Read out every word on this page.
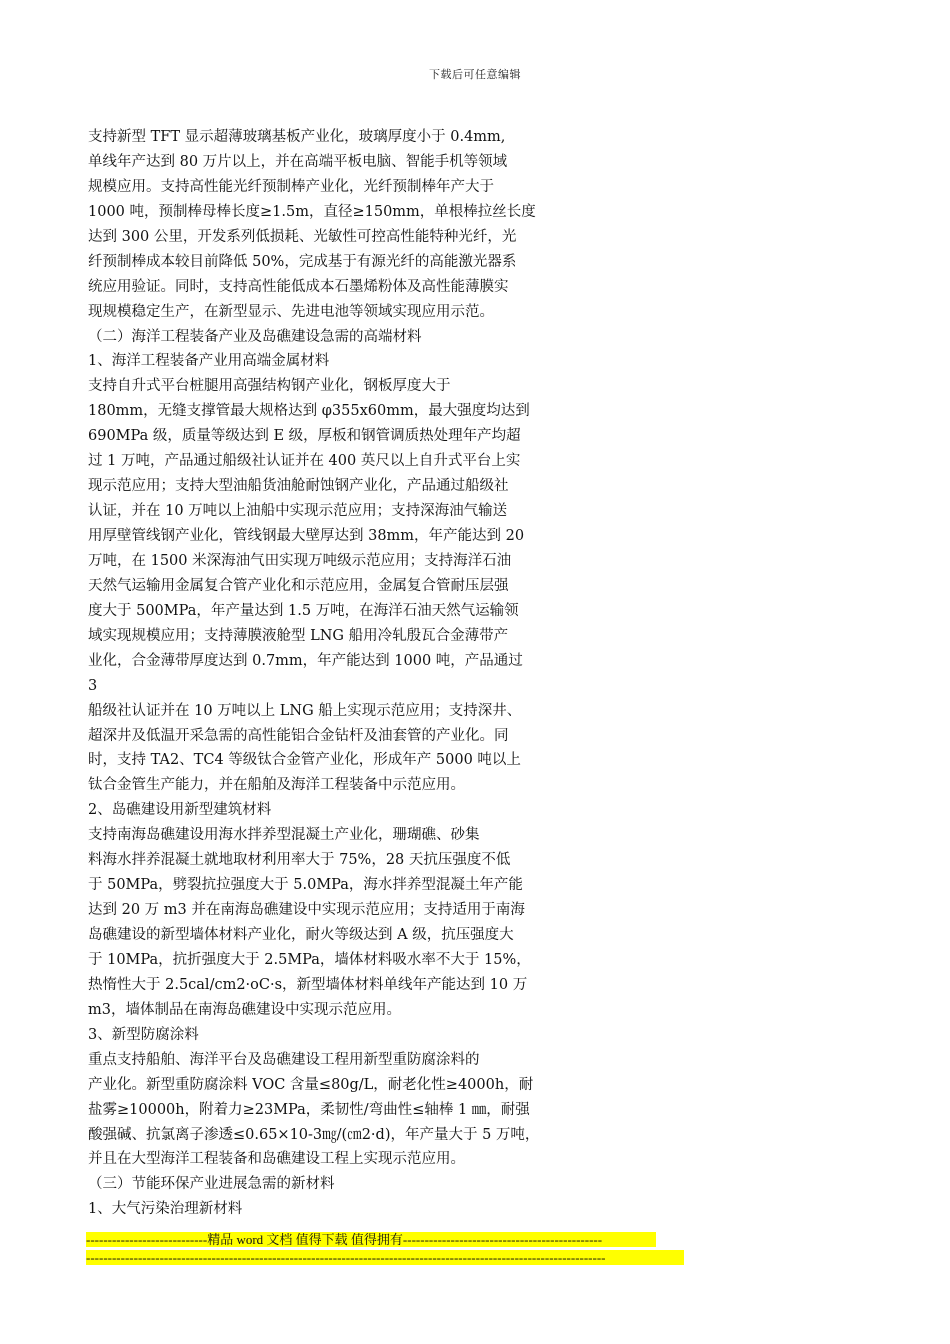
下载后可任意编辑
支持新型 TFT 显示超薄玻璃基板产业化，玻璃厚度小于 0.4mm,
单线年产达到 80 万片以上，并在高端平板电脑、智能手机等领域
规模应用。支持高性能光纤预制棒产业化，光纤预制棒年产大于
1000 吨，预制棒母棒长度≥1.5m，直径≥150mm，单根棒拉丝长度
达到 300 公里，开发系列低损耗、光敏性可控高性能特种光纤，光
纤预制棒成本较目前降低 50%，完成基于有源光纤的高能激光器系
统应用验证。同时，支持高性能低成本石墨烯粉体及高性能薄膜实
现规模稳定生产，在新型显示、先进电池等领域实现应用示范。
（二）海洋工程装备产业及岛礁建设急需的高端材料
1、海洋工程装备产业用高端金属材料
支持自升式平台桩腿用高强结构钢产业化，钢板厚度大于
180mm，无缝支撑管最大规格达到 φ355x60mm，最大强度均达到
690MPa 级，质量等级达到 E 级，厚板和钢管调质热处理年产均超
过 1 万吨，产品通过船级社认证并在 400 英尺以上自升式平台上实
现示范应用；支持大型油船货油舱耐蚀钢产业化，产品通过船级社
认证，并在 10 万吨以上油船中实现示范应用；支持深海油气输送
用厚壁管线钢产业化，管线钢最大壁厚达到 38mm，年产能达到 20
万吨，在 1500 米深海油气田实现万吨级示范应用；支持海洋石油
天然气运输用金属复合管产业化和示范应用，金属复合管耐压层强
度大于 500MPa，年产量达到 1.5 万吨，在海洋石油天然气运输领
域实现规模应用；支持薄膜液舱型 LNG 船用冷轧殷瓦合金薄带产
业化，合金薄带厚度达到 0.7mm，年产能达到 1000 吨，产品通过
3
船级社认证并在 10 万吨以上 LNG 船上实现示范应用；支持深井、
超深井及低温开采急需的高性能铝合金钻杆及油套管的产业化。同
时，支持 TA2、TC4 等级钛合金管产业化，形成年产 5000 吨以上
钛合金管生产能力，并在船舶及海洋工程装备中示范应用。
2、岛礁建设用新型建筑材料
支持南海岛礁建设用海水拌养型混凝土产业化，珊瑚礁、砂集
料海水拌养混凝土就地取材利用率大于 75%，28 天抗压强度不低
于 50MPa，劈裂抗拉强度大于 5.0MPa，海水拌养型混凝土年产能
达到 20 万 m3 并在南海岛礁建设中实现示范应用；支持适用于南海
岛礁建设的新型墙体材料产业化，耐火等级达到 A 级，抗压强度大
于 10MPa，抗折强度大于 2.5MPa，墙体材料吸水率不大于 15%，
热惰性大于 2.5cal/cm2·oC·s，新型墙体材料单线年产能达到 10 万
m3，墙体制品在南海岛礁建设中实现示范应用。
3、新型防腐涂料
重点支持船舶、海洋平台及岛礁建设工程用新型重防腐涂料的
产业化。新型重防腐涂料 VOC 含量≤80g/L，耐老化性≥4000h，耐
盐雾≥10000h，附着力≥23MPa，柔韧性/弯曲性≤轴棒 1 ㎜，耐强
酸强碱、抗氯离子渗透≤0.65×10-3㎎/(㎝2·d)，年产量大于 5 万吨，
并且在大型海洋工程装备和岛礁建设工程上实现示范应用。
（三）节能环保产业进展急需的新材料
1、大气污染治理新材料
----------------------------精品 word 文档 值得下载 值得拥有----------------------------------------------
------------------------------------------------------------------------------------------------------------------------
